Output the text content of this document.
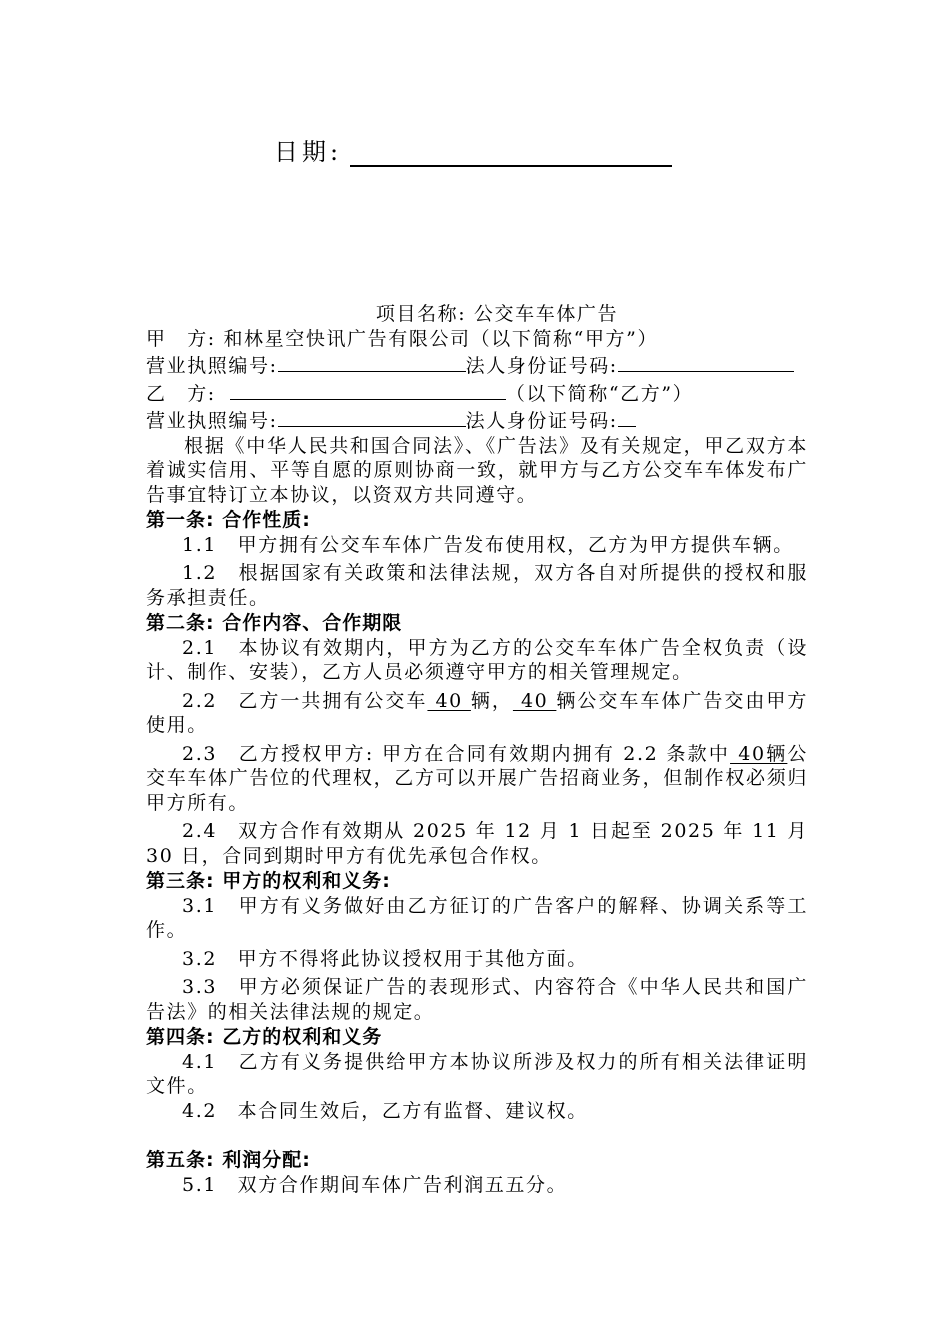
日期:
项目名称: 公交车车体广告
甲　方: 和林星空快讯广告有限公司（以下简称“甲方”）
营业执照编号:	法人身份证号码:
乙　方:	（以下简称“乙方”）
营业执照编号:	法人身份证号码:
根据《中华人民共和国合同法》、《广告法》及有关规定，甲乙双方本着诚实信用、平等自愿的原则协商一致，就甲方与乙方公交车车体发布广告事宜特订立本协议，以资双方共同遵守。
第一条: 合作性质:
1.1　甲方拥有公交车车体广告发布使用权，乙方为甲方提供车辆。
1.2　根据国家有关政策和法律法规，双方各自对所提供的授权和服务承担责任。
第二条: 合作内容、合作期限
2.1　本协议有效期内，甲方为乙方的公交车车体广告全权负责（设计、制作、安装），乙方人员必须遵守甲方的相关管理规定。
2.2　乙方一共拥有公交车 40 辆， 40 辆公交车车体广告交由甲方使用。
2.3　乙方授权甲方: 甲方在合同有效期内拥有 2.2 条款中 40辆公交车车体广告位的代理权，乙方可以开展广告招商业务，但制作权必须归甲方所有。
2.4　双方合作有效期从 2025 年 12 月 1 日起至 2025 年 11 月 30 日，合同到期时甲方有优先承包合作权。
第三条: 甲方的权利和义务:
3.1　甲方有义务做好由乙方征订的广告客户的解释、协调关系等工作。
3.2　甲方不得将此协议授权用于其他方面。
3.3　甲方必须保证广告的表现形式、内容符合《中华人民共和国广告法》的相关法律法规的规定。
第四条: 乙方的权利和义务
4.1　乙方有义务提供给甲方本协议所涉及权力的所有相关法律证明文件。
4.2　本合同生效后，乙方有监督、建议权。
第五条: 利润分配:
5.1　双方合作期间车体广告利润五五分。
